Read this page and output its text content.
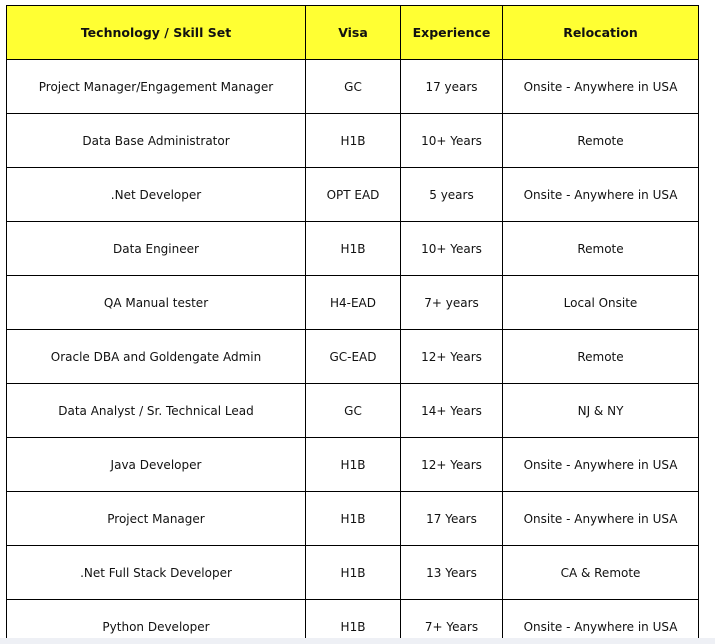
Technology / Skill Set	Visa	Experience	Relocation
Project Manager/Engagement Manager	GC	17 years	Onsite - Anywhere in USA
Data Base Administrator	H1B	10+ Years	Remote
.Net Developer	OPT EAD	5 years	Onsite - Anywhere in USA
Data Engineer	H1B	10+ Years	Remote
QA Manual tester	H4-EAD	7+ years	Local Onsite
Oracle DBA and Goldengate Admin	GC-EAD	12+ Years	Remote
Data Analyst / Sr. Technical Lead	GC	14+ Years	NJ & NY
Java Developer	H1B	12+ Years	Onsite - Anywhere in USA
Project Manager	H1B	17 Years	Onsite - Anywhere in USA
.Net Full Stack Developer	H1B	13 Years	CA & Remote
Python Developer	H1B	7+ Years	Onsite - Anywhere in USA
